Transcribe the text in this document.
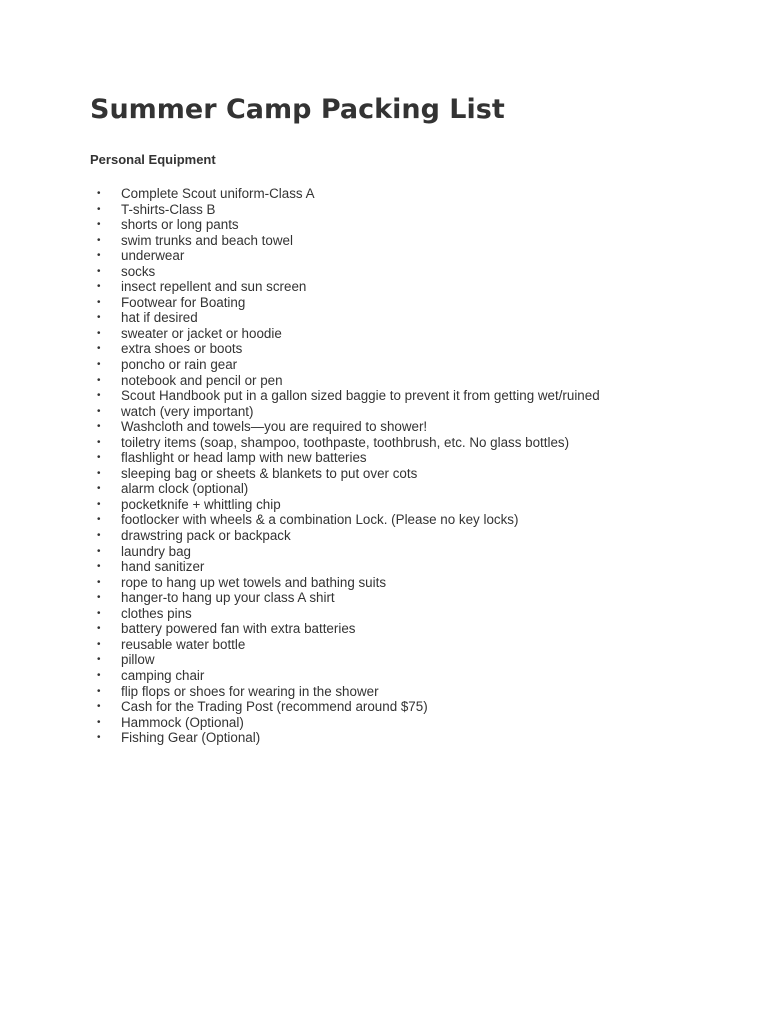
Summer Camp Packing List
Personal Equipment
• Complete Scout uniform-Class A
• T-shirts-Class B
• shorts or long pants
• swim trunks and beach towel
• underwear
• socks
• insect repellent and sun screen
• Footwear for Boating
• hat if desired
• sweater or jacket or hoodie
• extra shoes or boots
• poncho or rain gear
• notebook and pencil or pen
• Scout Handbook put in a gallon sized baggie to prevent it from getting wet/ruined
• watch (very important)
• Washcloth and towels—you are required to shower!
• toiletry items (soap, shampoo, toothpaste, toothbrush, etc. No glass bottles)
• flashlight or head lamp with new batteries
• sleeping bag or sheets & blankets to put over cots
• alarm clock (optional)
• pocketknife + whittling chip
• footlocker with wheels & a combination Lock. (Please no key locks)
• drawstring pack or backpack
• laundry bag
• hand sanitizer
• rope to hang up wet towels and bathing suits
• hanger-to hang up your class A shirt
• clothes pins
• battery powered fan with extra batteries
• reusable water bottle
• pillow
• camping chair
• flip flops or shoes for wearing in the shower
• Cash for the Trading Post (recommend around $75)
• Hammock (Optional)
• Fishing Gear (Optional)
